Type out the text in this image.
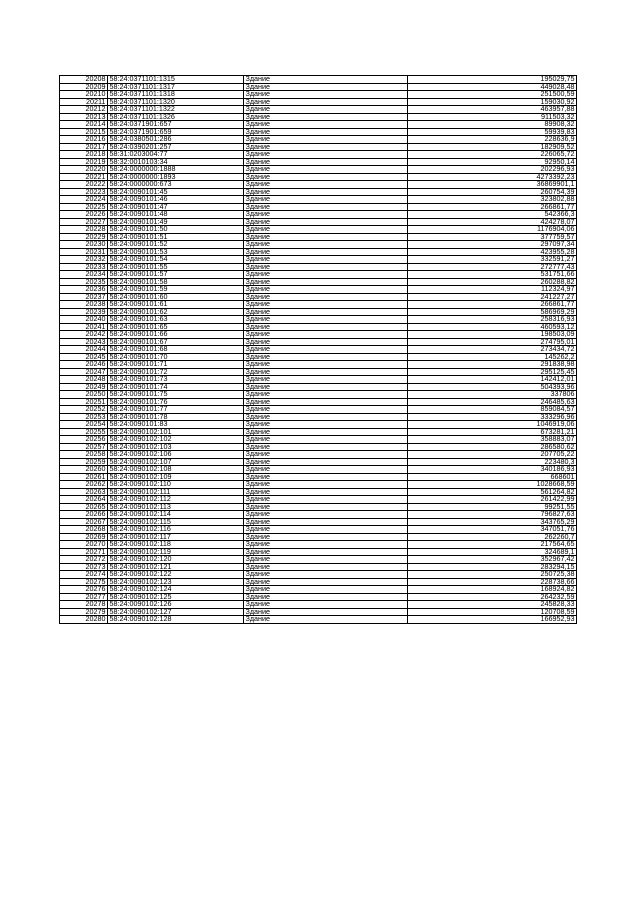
20208	58:24:0371101:1315	Здание	195029,75
20209	58:24:0371101:1317	Здание	449028,48
20210	58:24:0371101:1318	Здание	251500,59
20211	58:24:0371101:1320	Здание	159030,92
20212	58:24:0371101:1322	Здание	463957,88
20213	58:24:0371101:1326	Здание	911503,32
20214	58:24:0371901:657	Здание	89908,32
20215	58:24:0371901:659	Здание	59939,83
20216	58:24:0380501:286	Здание	228636,9
20217	58:24:0390201:257	Здание	182909,52
20218	58:31:0203004:77	Здание	226065,72
20219	58:32:0010103:34	Здание	92950,14
20220	58:24:0000000:1888	Здание	202296,93
20221	58:24:0000000:1893	Здание	4273392,23
20222	58:24:0000000:673	Здание	36869901,1
20223	58:24:0090101:45	Здание	260754,39
20224	58:24:0090101:46	Здание	323802,88
20225	58:24:0090101:47	Здание	266861,77
20226	58:24:0090101:48	Здание	542366,3
20227	58:24:0090101:49	Здание	424278,07
20228	58:24:0090101:50	Здание	1176904,06
20229	58:24:0090101:51	Здание	377759,57
20230	58:24:0090101:52	Здание	297097,34
20231	58:24:0090101:53	Здание	423955,28
20232	58:24:0090101:54	Здание	332591,27
20233	58:24:0090101:55	Здание	272777,43
20234	58:24:0090101:57	Здание	531751,66
20235	58:24:0090101:58	Здание	260288,82
20236	58:24:0090101:59	Здание	112324,97
20237	58:24:0090101:60	Здание	241227,27
20238	58:24:0090101:61	Здание	266861,77
20239	58:24:0090101:62	Здание	586969,29
20240	58:24:0090101:63	Здание	258316,93
20241	58:24:0090101:65	Здание	460593,12
20242	58:24:0090101:66	Здание	198503,09
20243	58:24:0090101:67	Здание	274795,01
20244	58:24:0090101:68	Здание	273434,72
20245	58:24:0090101:70	Здание	145262,2
20246	58:24:0090101:71	Здание	291838,98
20247	58:24:0090101:72	Здание	295125,45
20248	58:24:0090101:73	Здание	142412,01
20249	58:24:0090101:74	Здание	504393,96
20250	58:24:0090101:75	Здание	337806
20251	58:24:0090101:76	Здание	246485,63
20252	58:24:0090101:77	Здание	859084,57
20253	58:24:0090101:78	Здание	333296,96
20254	58:24:0090101:83	Здание	1046919,06
20255	58:24:0090102:101	Здание	673281,21
20256	58:24:0090102:102	Здание	358883,07
20257	58:24:0090102:103	Здание	286580,62
20258	58:24:0090102:106	Здание	207705,22
20259	58:24:0090102:107	Здание	223480,3
20260	58:24:0090102:108	Здание	340186,93
20261	58:24:0090102:109	Здание	668601
20262	58:24:0090102:110	Здание	1028668,59
20263	58:24:0090102:111	Здание	561264,82
20264	58:24:0090102:112	Здание	261422,99
20265	58:24:0090102:113	Здание	99251,55
20266	58:24:0090102:114	Здание	796827,63
20267	58:24:0090102:115	Здание	343765,29
20268	58:24:0090102:116	Здание	347051,76
20269	58:24:0090102:117	Здание	262260,7
20270	58:24:0090102:118	Здание	217564,65
20271	58:24:0090102:119	Здание	324689,1
20272	58:24:0090102:120	Здание	352967,42
20273	58:24:0090102:121	Здание	283294,15
20274	58:24:0090102:122	Здание	250725,38
20275	58:24:0090102:123	Здание	228738,66
20276	58:24:0090102:124	Здание	168924,82
20277	58:24:0090102:125	Здание	264232,59
20278	58:24:0090102:126	Здание	245828,33
20279	58:24:0090102:127	Здание	120708,59
20280	58:24:0090102:128	Здание	166952,93
